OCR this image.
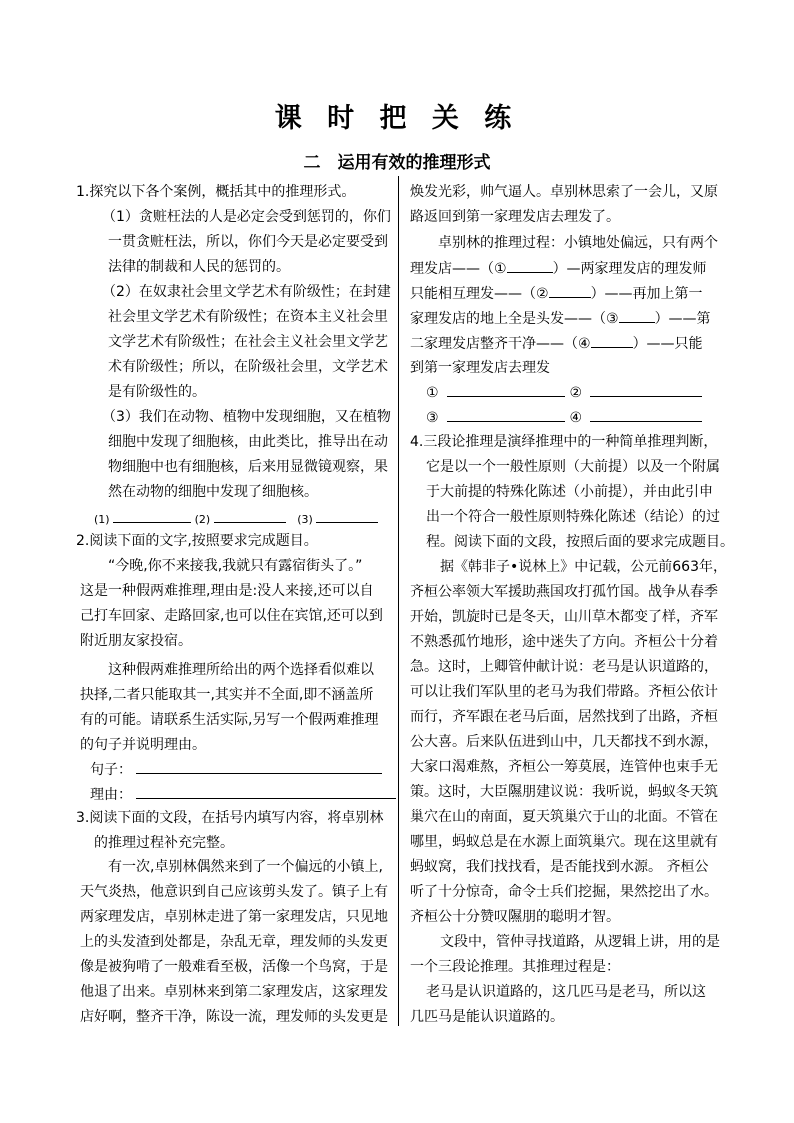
课 时 把 关 练
二　运用有效的推理形式

1.探究以下各个案例，概括其中的推理形式。

（1）贪赃枉法的人是必定会受到惩罚的，你们

一贯贪赃枉法，所以，你们今天是必定要受到

法律的制裁和人民的惩罚的。

（2）在奴隶社会里文学艺术有阶级性；在封建

社会里文学艺术有阶级性；在资本主义社会里

文学艺术有阶级性；在社会主义社会里文学艺

术有阶级性；所以，在阶级社会里，文学艺术

是有阶级性的。

（3）我们在动物、植物中发现细胞，又在植物

细胞中发现了细胞核，由此类比，推导出在动

物细胞中也有细胞核，后来用显微镜观察，果

然在动物的细胞中发现了细胞核。

(1)	(2)	(3)

2.阅读下面的文字,按照要求完成题目。

“今晚,你不来接我,我就只有露宿街头了。”

这是一种假两难推理,理由是:没人来接,还可以自

己打车回家、走路回家,也可以住在宾馆,还可以到

附近朋友家投宿。

这种假两难推理所给出的两个选择看似难以

抉择,二者只能取其一,其实并不全面,即不涵盖所

有的可能。请联系生活实际,另写一个假两难推理

的句子并说明理由。

句子：
理由：

3.阅读下面的文段，在括号内填写内容，将卓别林

的推理过程补充完整。

有一次,卓别林偶然来到了一个偏远的小镇上,

天气炎热，他意识到自己应该剪头发了。镇子上有

两家理发店，卓别林走进了第一家理发店，只见地

上的头发渣到处都是，杂乱无章，理发师的头发更

像是被狗啃了一般难看至极，活像一个鸟窝，于是

他退了出来。卓别林来到第二家理发店，这家理发

店好啊，整齐干净，陈设一流，理发师的头发更是

焕发光彩，帅气逼人。卓别林思索了一会儿，又原

路返回到第一家理发店去理发了。

卓别林的推理过程：小镇地处偏远，只有两个

理发店——（①	）—两家理发店的理发师
只能相互理发——（②	）——再加上第一
家理发店的地上全是头发——（③	）——第
二家理发店整齐干净——（④	）——只能

到第一家理发店去理发

①	②
③	④

4.三段论推理是演绎推理中的一种简单推理判断，

它是以一个一般性原则（大前提）以及一个附属

于大前提的特殊化陈述（小前提），并由此引申

出一个符合一般性原则特殊化陈述（结论）的过

程。阅读下面的文段，按照后面的要求完成题目。

据《韩非子•说林上》中记载，公元前663年，

齐桓公率领大军援助燕国攻打孤竹国。战争从春季

开始，凯旋时已是冬天，山川草木都变了样，齐军

不熟悉孤竹地形，途中迷失了方向。齐桓公十分着

急。这时，上卿管仲献计说：老马是认识道路的，

可以让我们军队里的老马为我们带路。齐桓公依计

而行，齐军跟在老马后面，居然找到了出路，齐桓

公大喜。后来队伍进到山中，几天都找不到水源，

大家口渴难熬，齐桓公一筹莫展，连管仲也束手无

策。这时，大臣隰朋建议说：我听说，蚂蚁冬天筑

巢穴在山的南面，夏天筑巢穴于山的北面。不管在

哪里，蚂蚁总是在水源上面筑巢穴。现在这里就有

蚂蚁窝，我们找找看，是否能找到水源。 齐桓公

听了十分惊奇，命令士兵们挖掘，果然挖出了水。

齐桓公十分赞叹隰朋的聪明才智。

文段中，管仲寻找道路，从逻辑上讲，用的是

一个三段论推理。其推理过程是：

老马是认识道路的，这几匹马是老马，所以这

几匹马是能认识道路的。
